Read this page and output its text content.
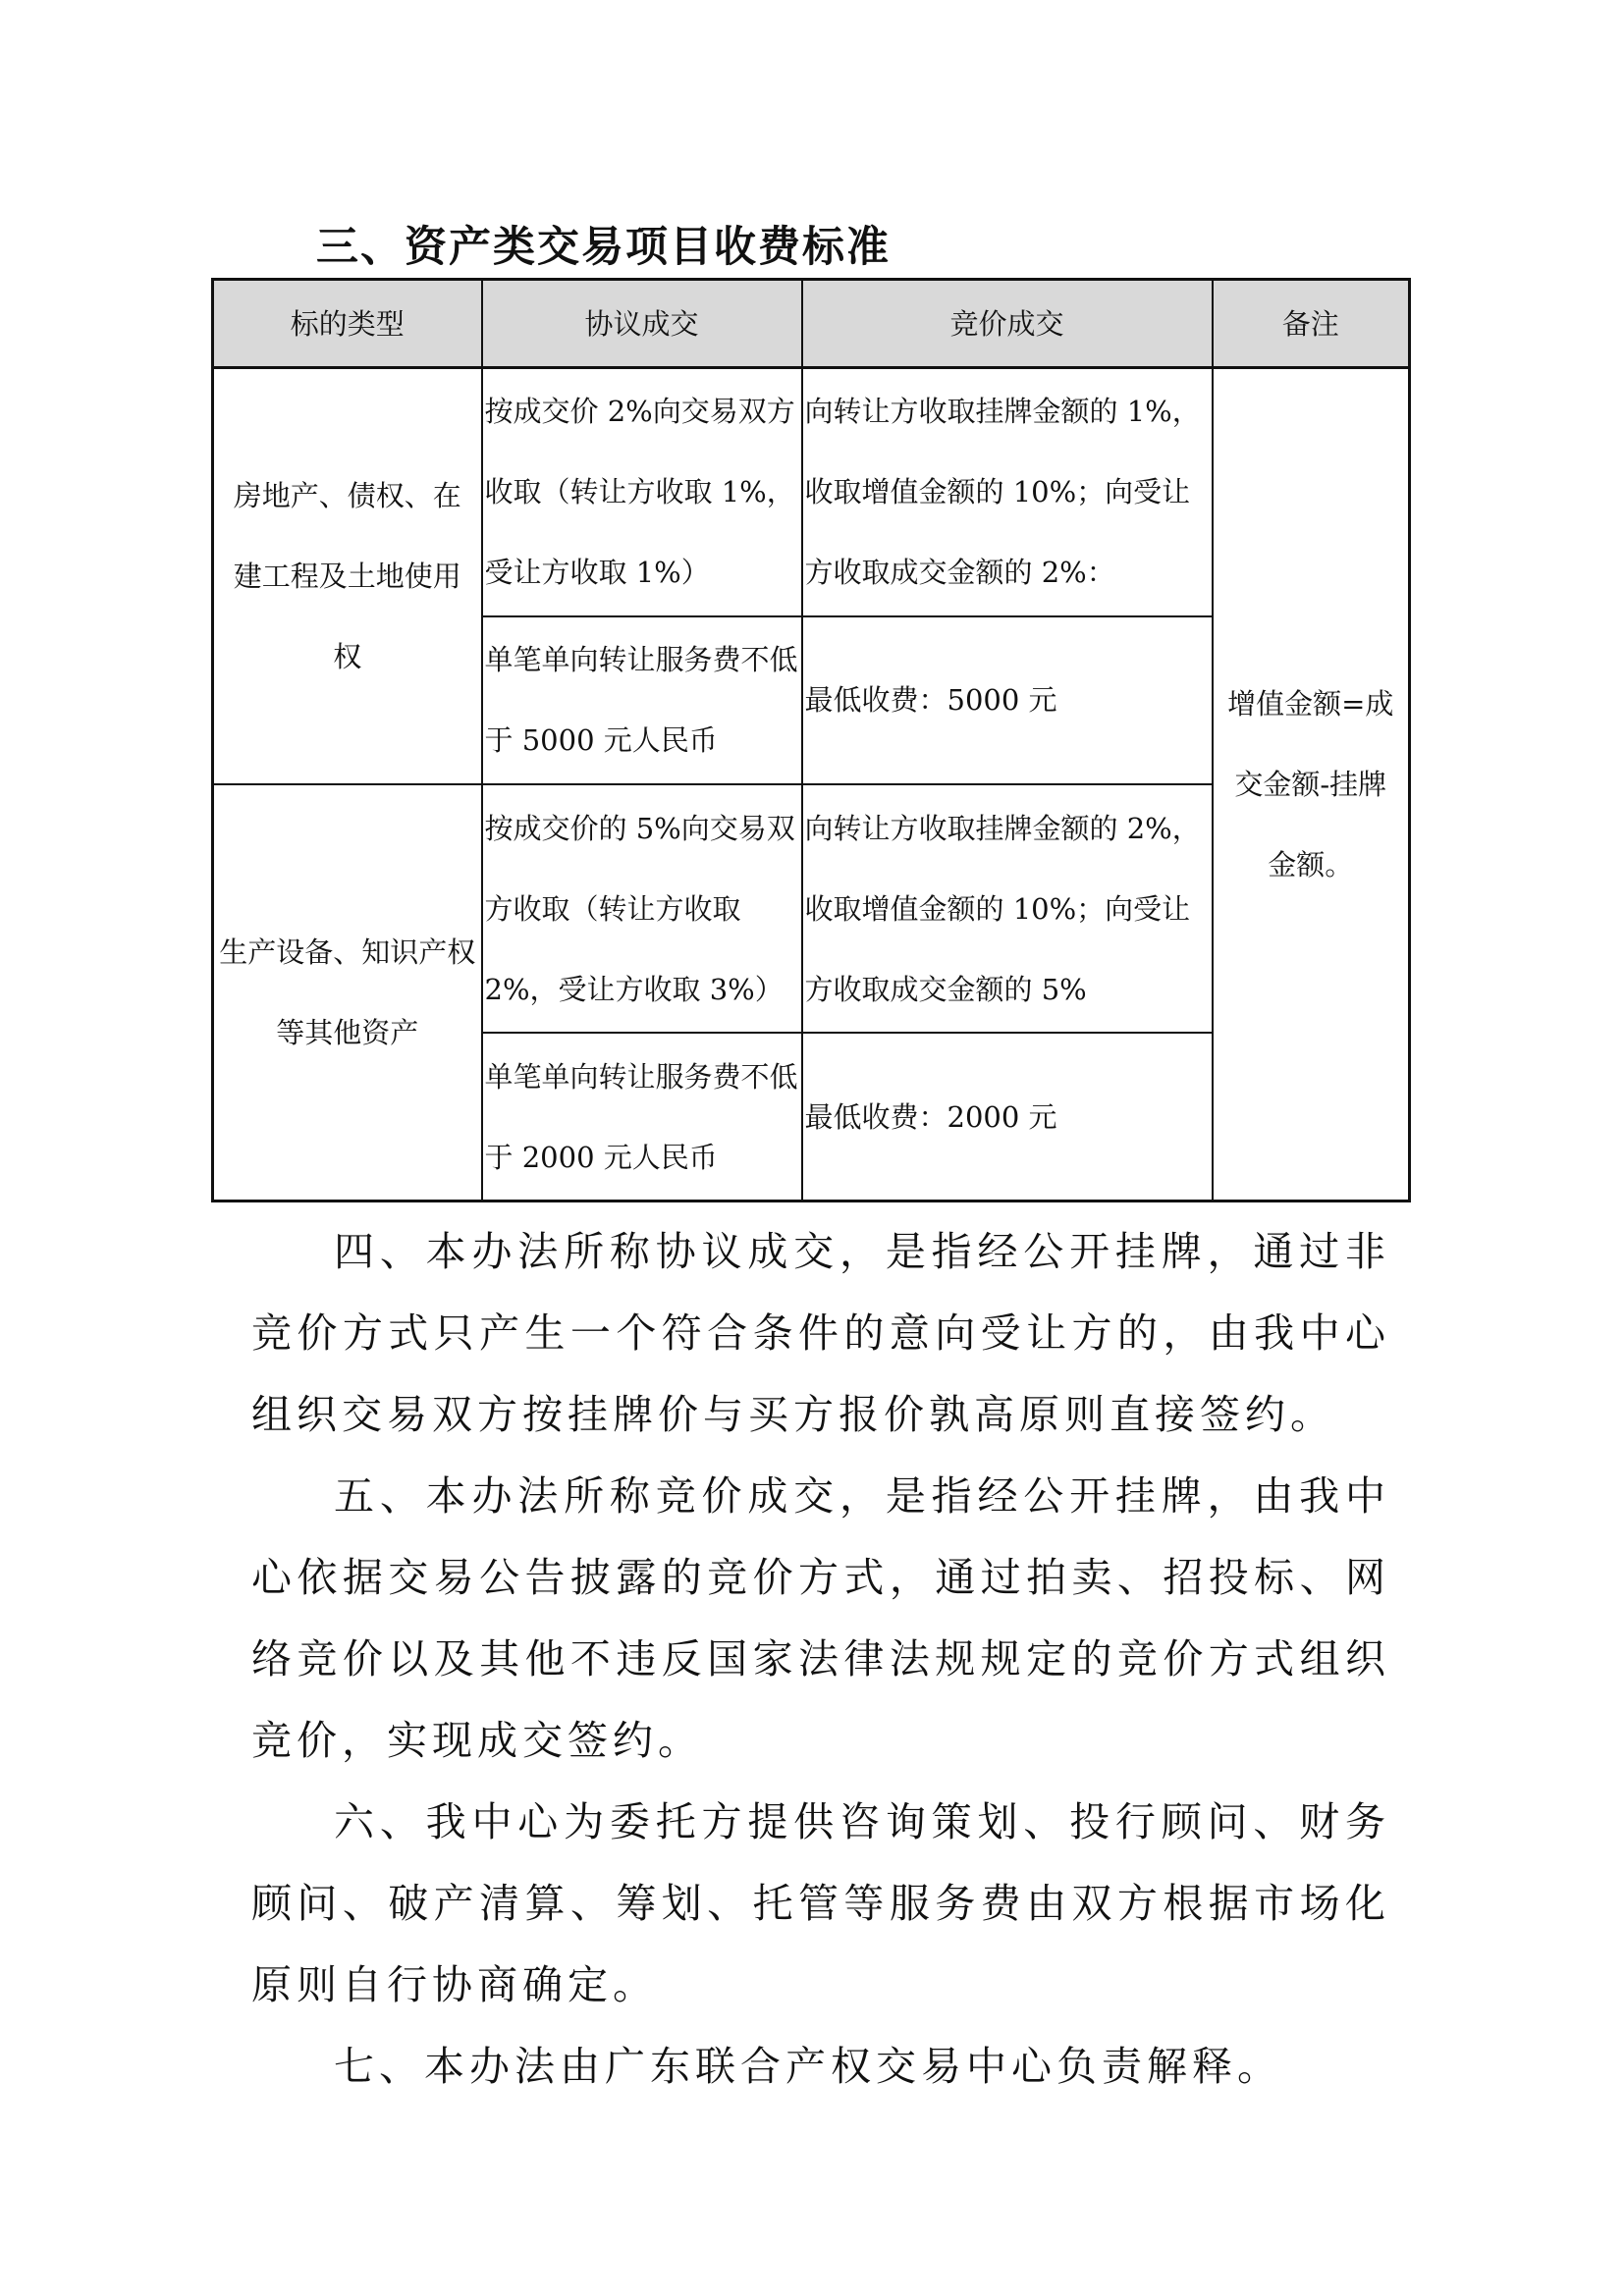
三、资产类交易项目收费标准
标的类型	协议成交	竞价成交	备注

房地产、债权、在建工程及土地使用权	按成交价 2%向交易双方收取（转让方收取 1%，受让方收取 1%）	向转让方收取挂牌金额的 1%，收取增值金额的 10%；向受让方收取成交金额的 2%：	增值金额=成交金额-挂牌金额。

	单笔单向转让服务费不低于 5000 元人民币	最低收费：5000 元	

生产设备、知识产权等其他资产	按成交价的 5%向交易双方收取（转让方收取 2%，受让方收取 3%）	向转让方收取挂牌金额的 2%，收取增值金额的 10%；向受让方收取成交金额的 5%	
	单笔单向转让服务费不低于 2000 元人民币	最低收费：2000 元	

四、本办法所称协议成交，是指经公开挂牌，通过非竞价方式只产生一个符合条件的意向受让方的，由我中心组织交易双方按挂牌价与买方报价孰高原则直接签约。

五、本办法所称竞价成交，是指经公开挂牌，由我中心依据交易公告披露的竞价方式，通过拍卖、招投标、网络竞价以及其他不违反国家法律法规规定的竞价方式组织竞价，实现成交签约。

六、我中心为委托方提供咨询策划、投行顾问、财务顾问、破产清算、筹划、托管等服务费由双方根据市场化原则自行协商确定。

七、本办法由广东联合产权交易中心负责解释。
